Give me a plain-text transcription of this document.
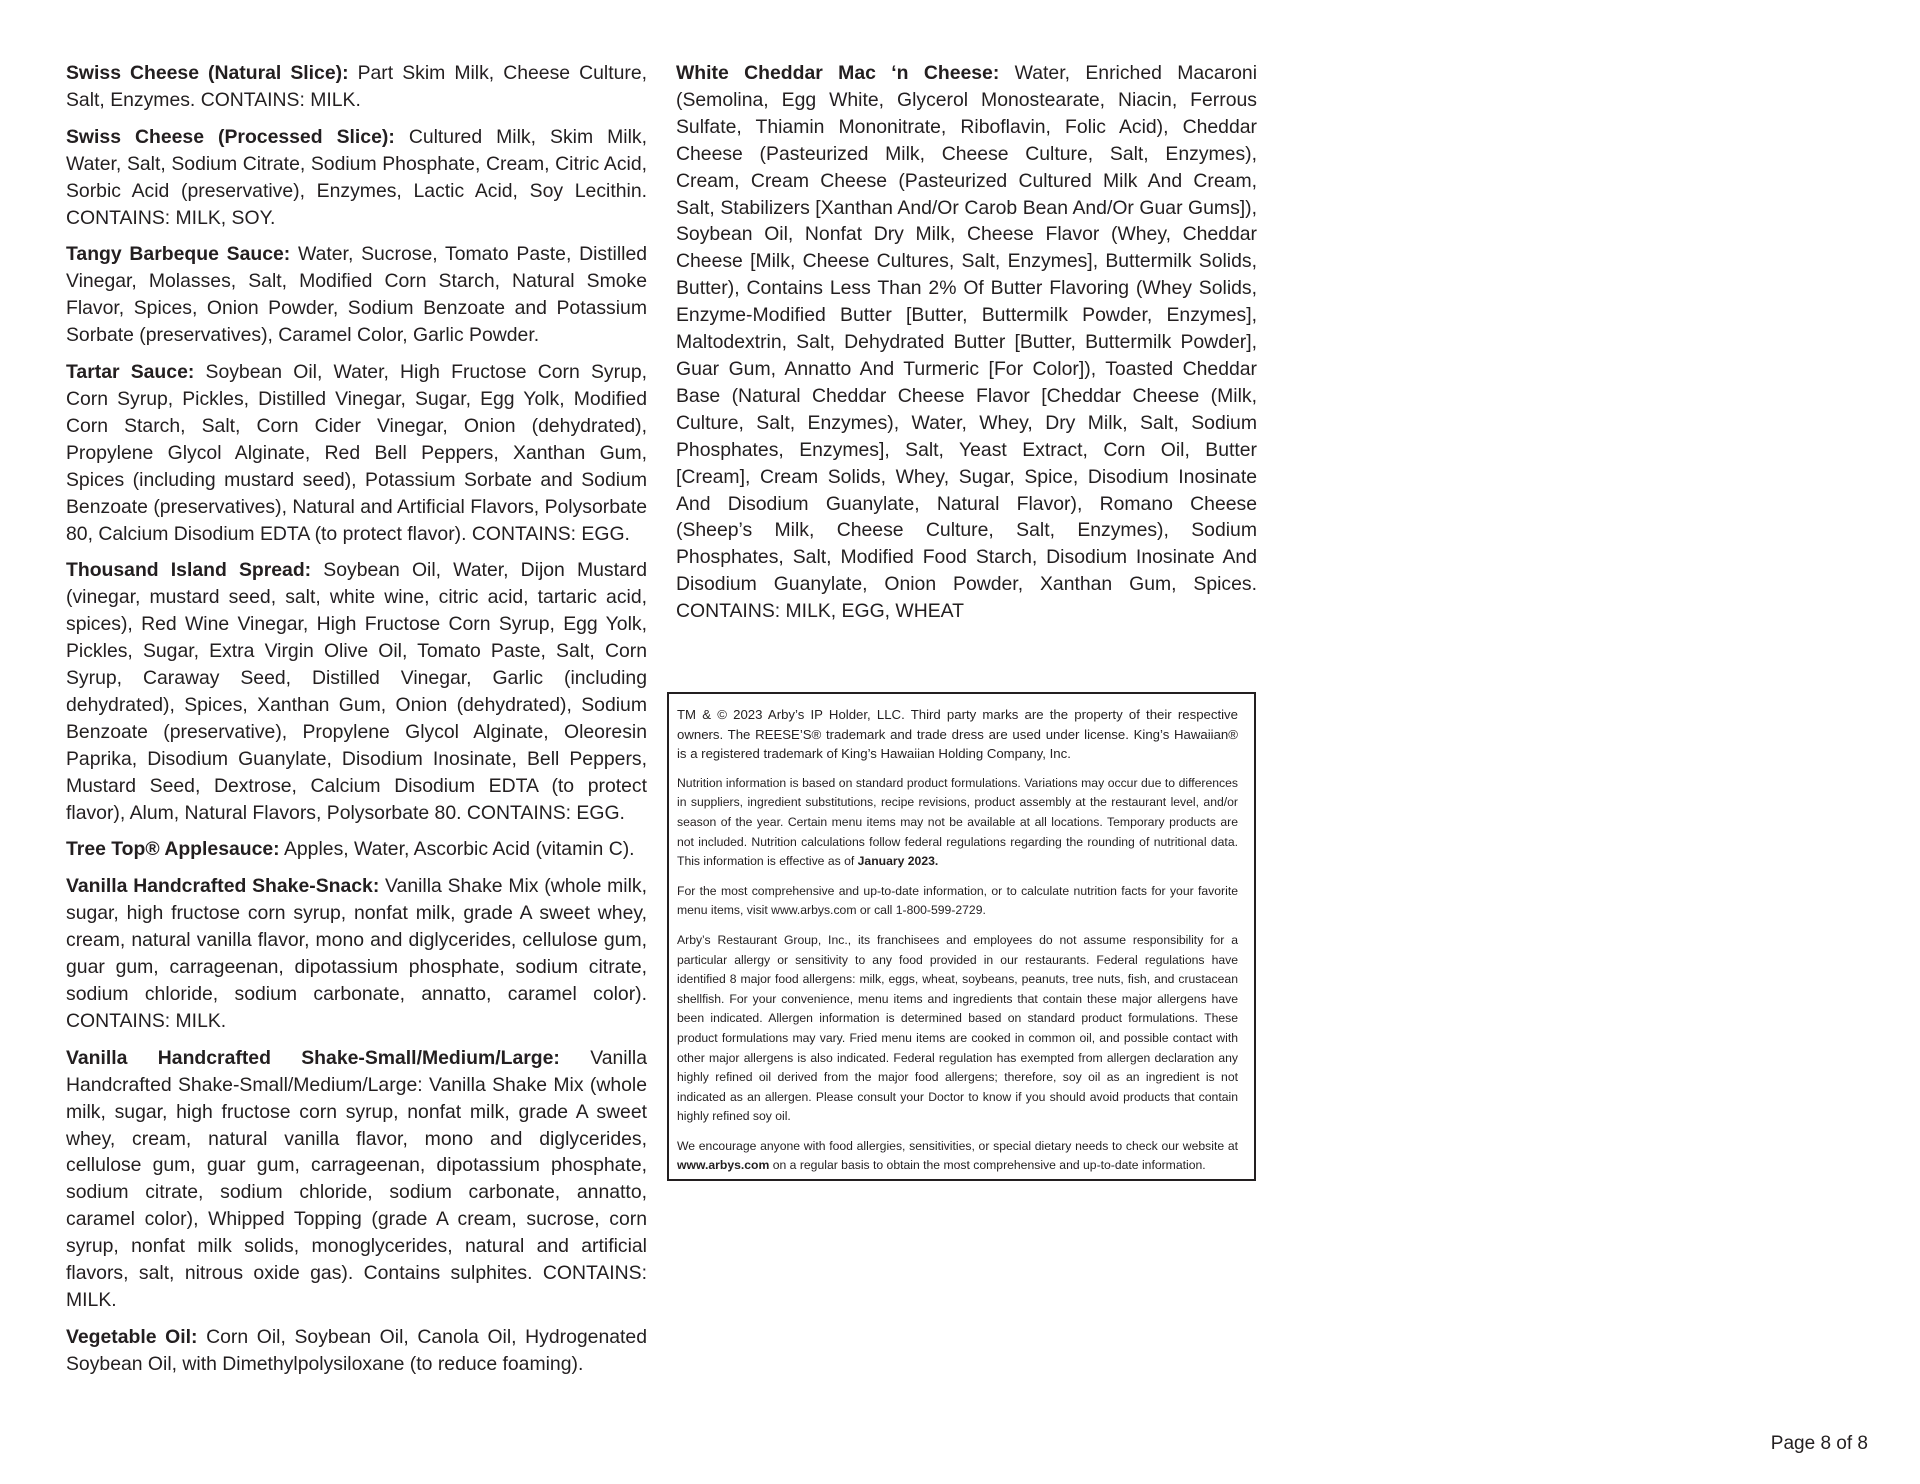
Swiss Cheese (Natural Slice): Part Skim Milk, Cheese Culture, Salt, Enzymes. CONTAINS: MILK.

Swiss Cheese (Processed Slice): Cultured Milk, Skim Milk, Water, Salt, Sodium Citrate, Sodium Phosphate, Cream, Citric Acid, Sorbic Acid (preservative), Enzymes, Lactic Acid, Soy Lecithin. CONTAINS: MILK, SOY.

Tangy Barbeque Sauce: Water, Sucrose, Tomato Paste, Distilled Vinegar, Molasses, Salt, Modified Corn Starch, Natural Smoke Flavor, Spices, Onion Powder, Sodium Benzoate and Potassium Sorbate (preservatives), Caramel Color, Garlic Powder.

Tartar Sauce: Soybean Oil, Water, High Fructose Corn Syrup, Corn Syrup, Pickles, Distilled Vinegar, Sugar, Egg Yolk, Modified Corn Starch, Salt, Corn Cider Vinegar, Onion (dehydrated), Propylene Glycol Alginate, Red Bell Peppers, Xanthan Gum, Spices (including mustard seed), Potassium Sorbate and Sodium Benzoate (preservatives), Natural and Artificial Flavors, Polysorbate 80, Calcium Disodium EDTA (to protect flavor). CONTAINS: EGG.

Thousand Island Spread: Soybean Oil, Water, Dijon Mustard (vinegar, mustard seed, salt, white wine, citric acid, tartaric acid, spices), Red Wine Vinegar, High Fructose Corn Syrup, Egg Yolk, Pickles, Sugar, Extra Virgin Olive Oil, Tomato Paste, Salt, Corn Syrup, Caraway Seed, Distilled Vinegar, Garlic (including dehydrated), Spices, Xanthan Gum, Onion (dehydrated), Sodium Benzoate (preservative), Propylene Glycol Alginate, Oleoresin Paprika, Disodium Guanylate, Disodium Inosinate, Bell Peppers, Mustard Seed, Dextrose, Calcium Disodium EDTA (to protect flavor), Alum, Natural Flavors, Polysorbate 80. CONTAINS: EGG.

Tree Top® Applesauce: Apples, Water, Ascorbic Acid (vitamin C).

Vanilla Handcrafted Shake-Snack: Vanilla Shake Mix (whole milk, sugar, high fructose corn syrup, nonfat milk, grade A sweet whey, cream, natural vanilla flavor, mono and diglycerides, cellulose gum, guar gum, carrageenan, dipotassium phosphate, sodium citrate, sodium chloride, sodium carbonate, annatto, caramel color). CONTAINS: MILK.

Vanilla Handcrafted Shake-Small/Medium/Large: Vanilla Handcrafted Shake-Small/Medium/Large: Vanilla Shake Mix (whole milk, sugar, high fructose corn syrup, nonfat milk, grade A sweet whey, cream, natural vanilla flavor, mono and diglycerides, cellulose gum, guar gum, carrageenan, dipotassium phosphate, sodium citrate, sodium chloride, sodium carbonate, annatto, caramel color), Whipped Topping (grade A cream, sucrose, corn syrup, nonfat milk solids, monoglycerides, natural and artificial flavors, salt, nitrous oxide gas). Contains sulphites. CONTAINS: MILK.

Vegetable Oil: Corn Oil, Soybean Oil, Canola Oil, Hydrogenated Soybean Oil, with Dimethylpolysiloxane (to reduce foaming).

White Cheddar Mac ‘n Cheese: Water, Enriched Macaroni (Semolina, Egg White, Glycerol Monostearate, Niacin, Ferrous Sulfate, Thiamin Mononitrate, Riboflavin, Folic Acid), Cheddar Cheese (Pasteurized Milk, Cheese Culture, Salt, Enzymes), Cream, Cream Cheese (Pasteurized Cultured Milk And Cream, Salt, Stabilizers [Xanthan And/Or Carob Bean And/Or Guar Gums]), Soybean Oil, Nonfat Dry Milk, Cheese Flavor (Whey, Cheddar Cheese [Milk, Cheese Cultures, Salt, Enzymes], Buttermilk Solids, Butter), Contains Less Than 2% Of Butter Flavoring (Whey Solids, Enzyme-Modified Butter [Butter, Buttermilk Powder, Enzymes], Maltodextrin, Salt, Dehydrated Butter [Butter, Buttermilk Powder], Guar Gum, Annatto And Turmeric [For Color]), Toasted Cheddar Base (Natural Cheddar Cheese Flavor [Cheddar Cheese (Milk, Culture, Salt, Enzymes), Water, Whey, Dry Milk, Salt, Sodium Phosphates, Enzymes], Salt, Yeast Extract, Corn Oil, Butter [Cream], Cream Solids, Whey, Sugar, Spice, Disodium Inosinate And Disodium Guanylate, Natural Flavor), Romano Cheese (Sheep’s Milk, Cheese Culture, Salt, Enzymes), Sodium Phosphates, Salt, Modified Food Starch, Disodium Inosinate And Disodium Guanylate, Onion Powder, Xanthan Gum, Spices. CONTAINS: MILK, EGG, WHEAT

TM & © 2023 Arby’s IP Holder, LLC. Third party marks are the property of their respective owners. The REESE’S® trademark and trade dress are used under license. King’s Hawaiian® is a registered trademark of King’s Hawaiian Holding Company, Inc.

Nutrition information is based on standard product formulations. Variations may occur due to differences in suppliers, ingredient substitutions, recipe revisions, product assembly at the restaurant level, and/or season of the year. Certain menu items may not be available at all locations. Temporary products are not included. Nutrition calculations follow federal regulations regarding the rounding of nutritional data. This information is effective as of January 2023.

For the most comprehensive and up-to-date information, or to calculate nutrition facts for your favorite menu items, visit www.arbys.com or call 1-800-599-2729.

Arby’s Restaurant Group, Inc., its franchisees and employees do not assume responsibility for a particular allergy or sensitivity to any food provided in our restaurants. Federal regulations have identified 8 major food allergens: milk, eggs, wheat, soybeans, peanuts, tree nuts, fish, and crustacean shellfish. For your convenience, menu items and ingredients that contain these major allergens have been indicated. Allergen information is determined based on standard product formulations. These product formulations may vary. Fried menu items are cooked in common oil, and possible contact with other major allergens is also indicated. Federal regulation has exempted from allergen declaration any highly refined oil derived from the major food allergens; therefore, soy oil as an ingredient is not indicated as an allergen. Please consult your Doctor to know if you should avoid products that contain highly refined soy oil.

We encourage anyone with food allergies, sensitivities, or special dietary needs to check our website at www.arbys.com on a regular basis to obtain the most comprehensive and up-to-date information.

Page 8 of 8
